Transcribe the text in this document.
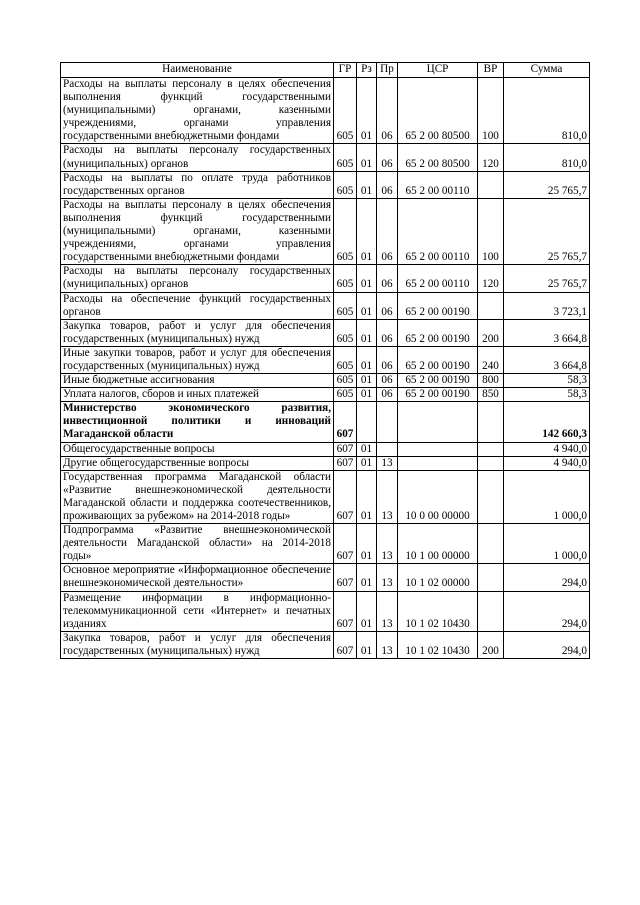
Наименование	ГР	Рз	Пр	ЦСР	ВР	Сумма
Расходы на выплаты персоналу в целях обеспечения выполнения функций государственными (муниципальными) органами, казенными учреждениями, органами управления государственными внебюджетными фондами	605	01	06	65 2 00 80500	100	810,0
Расходы на выплаты персоналу государственных (муниципальных) органов	605	01	06	65 2 00 80500	120	810,0
Расходы на выплаты по оплате труда работников государственных органов	605	01	06	65 2 00 00110		25 765,7
Расходы на выплаты персоналу в целях обеспечения выполнения функций государственными (муниципальными) органами, казенными учреждениями, органами управления государственными внебюджетными фондами	605	01	06	65 2 00 00110	100	25 765,7
Расходы на выплаты персоналу государственных (муниципальных) органов	605	01	06	65 2 00 00110	120	25 765,7
Расходы на обеспечение функций государственных органов	605	01	06	65 2 00 00190		3 723,1
Закупка товаров, работ и услуг для обеспечения государственных (муниципальных) нужд	605	01	06	65 2 00 00190	200	3 664,8
Иные закупки товаров, работ и услуг для обеспечения государственных (муниципальных) нужд	605	01	06	65 2 00 00190	240	3 664,8
Иные бюджетные ассигнования	605	01	06	65 2 00 00190	800	58,3
Уплата налогов, сборов и иных платежей	605	01	06	65 2 00 00190	850	58,3
Министерство экономического развития, инвестиционной политики и инноваций Магаданской области	607					142 660,3
Общегосударственные вопросы	607	01				4 940,0
Другие общегосударственные вопросы	607	01	13			4 940,0
Государственная программа Магаданской области «Развитие внешнеэкономической деятельности Магаданской области и поддержка соотечественников, проживающих за рубежом» на 2014-2018 годы»	607	01	13	10 0 00 00000		1 000,0
Подпрограмма «Развитие внешнеэкономической деятельности Магаданской области» на 2014-2018 годы»	607	01	13	10 1 00 00000		1 000,0
Основное мероприятие «Информационное обеспечение внешнеэкономической деятельности»	607	01	13	10 1 02 00000		294,0
Размещение информации в информационно-телекоммуникационной сети «Интернет» и печатных изданиях	607	01	13	10 1 02 10430		294,0
Закупка товаров, работ и услуг для обеспечения государственных (муниципальных) нужд	607	01	13	10 1 02 10430	200	294,0
